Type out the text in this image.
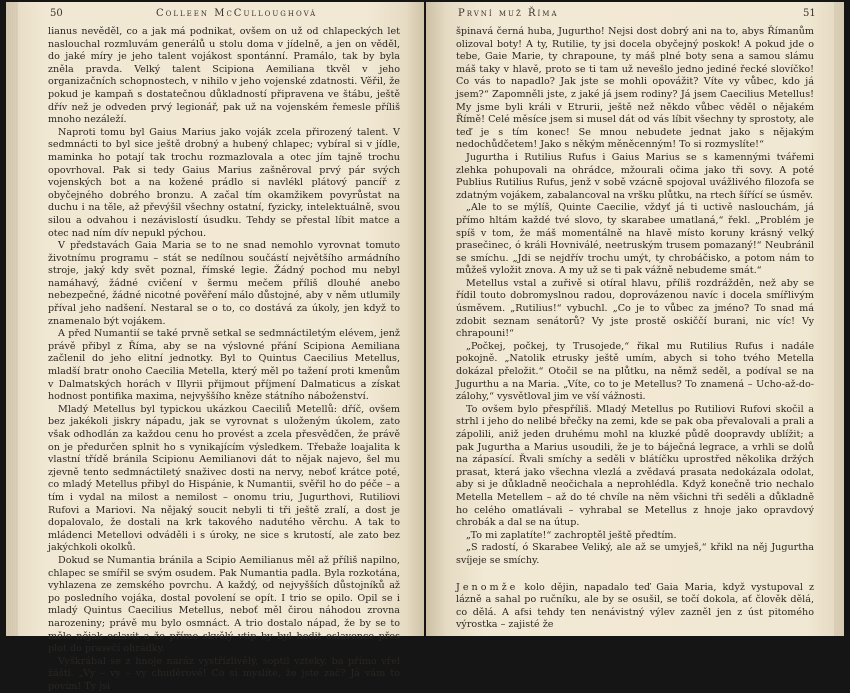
50	Colleen McCulloughová

lianus nevěděl, co a jak má podnikat, ovšem on už od chlapeckých let naslouchal rozmluvám generálů u stolu doma v jídelně, a jen on věděl, do jaké míry je jeho talent vojákost spontánní. Pramálo, tak by byla zněla pravda. Velký talent Scipiona Aemiliana tkvěl v jeho organizačních schopnostech, v nihilo v jeho vojenské zdatnosti. Věřil, že pokud je kampaň s dostatečnou důkladností připravena ve štábu, ještě dřív než je odveden prvý legionář, pak už na vojenském řemesle příliš mnoho nezáleží.

Naproti tomu byl Gaius Marius jako voják zcela přirozený talent. V sedmnácti to byl sice ještě drobný a hubený chlapec; vybíral si v jídle, maminka ho potají tak trochu rozmazlovala a otec jím tajně trochu opovrhoval. Pak si tedy Gaius Marius zašněroval prvý pár svých vojenských bot a na kožené prádlo si navlékl plátový pancíř z obyčejného dobrého bronzu. A začal tím okamžikem povyrůstat na duchu i na těle, až převýšil všechny ostatní, fyzicky, intelektuálně, svou silou a odvahou i nezávislostí úsudku. Tehdy se přestal líbit matce a otec nad ním dív nepukl pýchou.

V představách Gaia Maria se to ne snad nemohlo vyrovnat tomuto životnímu programu – stát se nedílnou součástí největšího armádního stroje, jaký kdy svět poznal, římské legie. Žádný pochod mu nebyl namáhavý, žádné cvičení v šermu mečem příliš dlouhé anebo nebezpečné, žádné nicotné pověření málo důstojné, aby v něm utlumily příval jeho nadšení. Nestaral se o to, co dostává za úkoly, jen když to znamenalo být vojákem.

A před Numantií se také prvně setkal se sedmnáctiletým elévem, jenž právě přibyl z Říma, aby se na výslovné přání Scipiona Aemiliana začlenil do jeho elitní jednotky. Byl to Quintus Caecilius Metellus, mladší bratr onoho Caecilia Metella, který měl po tažení proti kmenům v Dalmatských horách v Illyrii přijmout příjmení Dalmaticus a získat hodnost pontifika maxima, nejvyššího kněze státního náboženství.

Mladý Metellus byl typickou ukázkou Caeciliů Metellů: dříč, ovšem bez jakékoli jiskry nápadu, jak se vyrovnat s uloženým úkolem, zato však odhodlán za každou cenu ho provést a zcela přesvědčen, že právě on je předurčen splnit ho s vynikajícím výsledkem. Třebaže loajalita k vlastní třídě bránila Scipionu Aemilianovi dát to nějak najevo, šel mu zjevně tento sedmnáctiletý snaživec dosti na nervy, neboť krátce poté, co mladý Metellus přibyl do Hispánie, k Numantii, svěřil ho do péče – a tím i vydal na milost a nemilost – onomu triu, Jugurthovi, Rutiliovi Rufovi a Mariovi. Na nějaký soucit nebyli ti tři ještě zralí, a dost je dopalovalo, že dostali na krk takového nadutého věrchu. A tak to mládenci Metellovi odváděli i s úroky, ne sice s krutostí, ale zato bez jakýchkoli okolků.

Dokud se Numantia bránila a Scipio Aemilianus měl až příliš napilno, chlapec se smířil se svým osudem. Pak Numantia padla. Byla rozkotána, vyhlazena ze zemského povrchu. A každý, od nejvyšších důstojníků až po posledního vojáka, dostal povolení se opít. I trio se opilo. Opil se i mladý Quintus Caecilius Metellus, neboť měl čirou náhodou zrovna narozeniny; právě mu bylo osmnáct. A trio dostalo nápad, že by se to mělo nějak oslavit a že přímo skvělý vtip by byl hodit oslavence přes plot do prasečí ohrádky.

Vyškrábal se z hnoje naráz vystřízlivělý, soptil vzteky, ba přímo vřel žáští. „Vy – vy – vy chuděrové! Co si myslíte, že jste zač? Já vám to povím! Ty jsi

První muž Říma	51

špinavá černá huba, Jugurtho! Nejsi dost dobrý ani na to, abys Římanům olizoval boty! A ty, Rutilie, ty jsi docela obyčejný poskok! A pokud jde o tebe, Gaie Marie, ty chrapoune, ty máš plné boty sena a samou slámu máš taky v hlavě, proto se ti tam už nevešlo jedno jediné řecké slovíčko! Co vás to napadlo? Jak jste se mohli opovážit? Víte vy vůbec, kdo já jsem?“ Zapomněli jste, z jaké já jsem rodiny? Já jsem Caecilius Metellus! My jsme byli králi v Etrurii, ještě než někdo vůbec věděl o nějakém Římě! Celé měsíce jsem si musel dát od vás líbit všechny ty sprostoty, ale teď je s tím konec! Se mnou nebudete jednat jako s nějakým nedochůdčetem! Jako s někým měněcenným! To si rozmyslíte!“

Jugurtha i Rutilius Rufus i Gaius Marius se s kamennými tvářemi zlehka pohupovali na ohrádce, mžourali očima jako tři sovy. A poté Publius Rutilius Rufus, jenž v sobě vzácně spojoval uvážlivého filozofa se zdatným vojákem, zabalancoval na vršku plůtku, na rtech šířící se úsměv.

„Ale to se mýlíš, Quinte Caecilie, vždyť já ti uctivě naslouchám, já přímo hltám každé tvé slovo, ty skarabee umatlaná,“ řekl. „Problém je spíš v tom, že máš momentálně na hlavě místo koruny krásný velký prasečinec, ó králi Hovniválé, neetruským trusem pomazaný!“ Neubránil se smíchu. „Jdi se nejdřív trochu umýt, ty chrobáčisko, a potom nám to můžeš vyložit znova. A my už se ti pak vážně nebudeme smát.“

Metellus vstal a zuřivě si otíral hlavu, příliš rozdrážděn, než aby se řídil touto dobromyslnou radou, doprovázenou navíc i docela smířlivým úsměvem. „Rutilius!“ vybuchl. „Co je to vůbec za jméno? To snad má zdobit seznam senátorů? Vy jste prostě oskiččí burani, nic víc! Vy chrapouni!“

„Počkej, počkej, ty Trusojede,“ řikal mu Rutilius Rufus i nadále pokojně. „Natolik etrusky ještě umím, abych si toho tvého Metella dokázal přeložit.“ Otočil se na plůtku, na němž seděl, a podíval se na Jugurthu a na Maria. „Víte, co to je Metellus? To znamená – Ucho-až-do-zálohy,“ vysvětloval jim ve vší vážnosti.

To ovšem bylo přespříliš. Mladý Metellus po Rutiliovi Rufovi skočil a strhl i jeho do nelibé břečky na zemi, kde se pak oba převalovali a prali a zápolili, aniž jeden druhému mohl na kluzké půdě doopravdy ublížit; a pak Jugurtha a Marius usoudili, že je to báječná legrace, a vrhli se dolů na zápasící. Řvali smíchy a seděli v blátíčku uprostřed několika držých prasat, která jako všechna vlezlá a zvědavá prasata nedokázala odolat, aby si je důkladně neočichala a neprohlédla. Když konečně trio nechalo Metella Metellem – až do té chvíle na něm všichni tři seděli a důkladně ho celého omatlávali – vyhrabal se Metellus z hnoje jako opravdový chrobák a dal se na útup.

„To mi zaplatíte!“ zachroptěl ještě předtím.

„S radostí, ó Skarabee Veliký, ale až se umyješ,“ křikl na něj Jugurtha svíjeje se smíchy.

Jenomže kolo dějin, napadalo teď Gaia Maria, když vystupoval z lázně a sahal po ručníku, ale by se osušil, se točí dokola, ať člověk dělá, co dělá. A afsi tehdy ten nenávistný výlev zazněl jen z úst pitomého výrostka – zajisté že
